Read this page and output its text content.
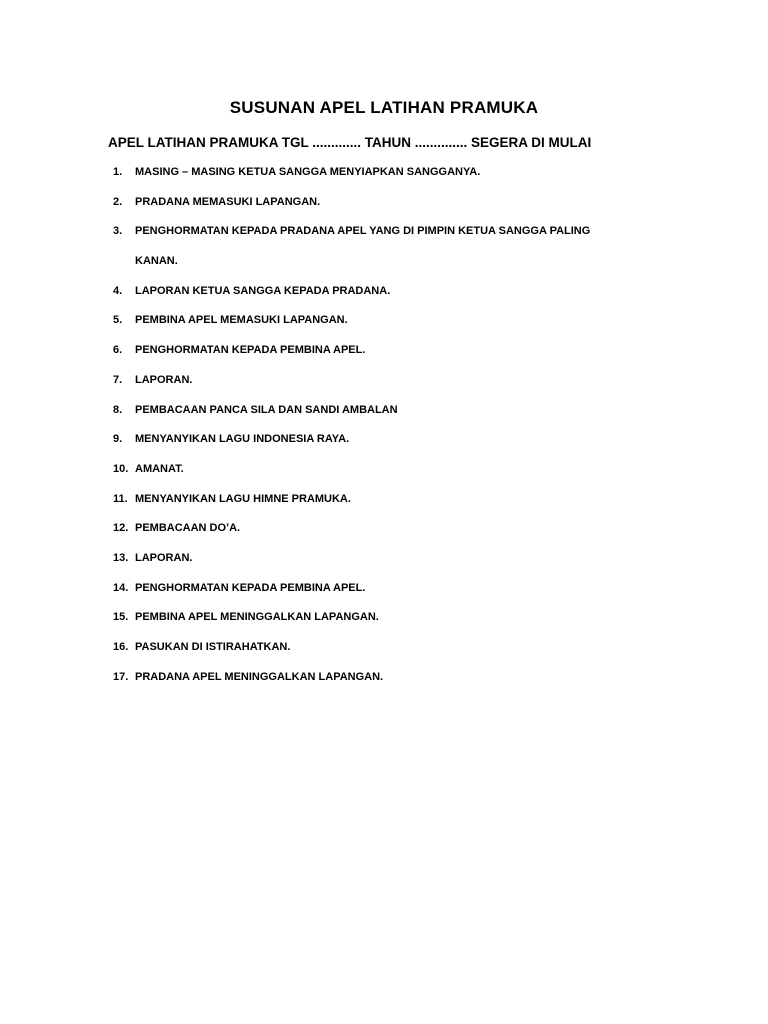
SUSUNAN APEL LATIHAN PRAMUKA

APEL LATIHAN PRAMUKA TGL ............. TAHUN .............. SEGERA DI MULAI

1. MASING – MASING KETUA SANGGA MENYIAPKAN SANGGANYA.
2. PRADANA MEMASUKI LAPANGAN.
3. PENGHORMATAN KEPADA PRADANA APEL YANG DI PIMPIN KETUA SANGGA PALING
KANAN.
4. LAPORAN KETUA SANGGA KEPADA PRADANA.
5. PEMBINA APEL MEMASUKI LAPANGAN.
6. PENGHORMATAN KEPADA PEMBINA APEL.
7. LAPORAN.
8. PEMBACAAN PANCA SILA DAN SANDI AMBALAN
9. MENYANYIKAN LAGU INDONESIA RAYA.
10. AMANAT.
11. MENYANYIKAN LAGU HIMNE PRAMUKA.
12. PEMBACAAN DO’A.
13. LAPORAN.
14. PENGHORMATAN KEPADA PEMBINA APEL.
15. PEMBINA APEL MENINGGALKAN LAPANGAN.
16. PASUKAN DI ISTIRAHATKAN.
17. PRADANA APEL MENINGGALKAN LAPANGAN.
